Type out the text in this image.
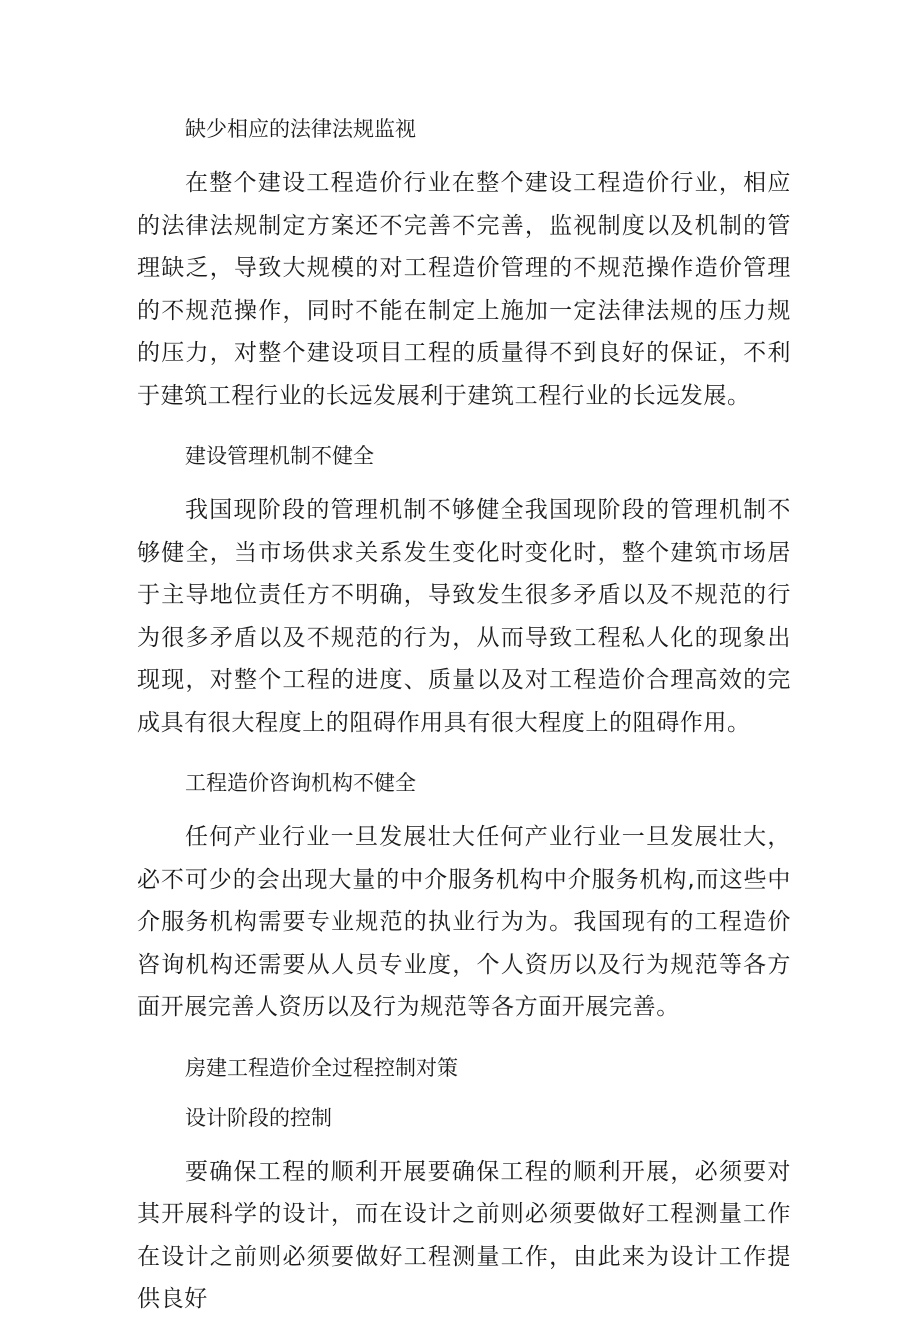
缺少相应的法律法规监视
在整个建设工程造价行业在整个建设工程造价行业，相应的法律法规制定方案还不完善不完善，监视制度以及机制的管理缺乏，导致大规模的对工程造价管理的不规范操作造价管理的不规范操作，同时不能在制定上施加一定法律法规的压力规的压力，对整个建设项目工程的质量得不到良好的保证，不利于建筑工程行业的长远发展利于建筑工程行业的长远发展。
建设管理机制不健全
我国现阶段的管理机制不够健全我国现阶段的管理机制不够健全，当市场供求关系发生变化时变化时，整个建筑市场居于主导地位责任方不明确，导致发生很多矛盾以及不规范的行为很多矛盾以及不规范的行为，从而导致工程私人化的现象出现现，对整个工程的进度、质量以及对工程造价合理高效的完成具有很大程度上的阻碍作用具有很大程度上的阻碍作用。
工程造价咨询机构不健全
任何产业行业一旦发展壮大任何产业行业一旦发展壮大，必不可少的会出现大量的中介服务机构中介服务机构,而这些中介服务机构需要专业规范的执业行为为。我国现有的工程造价咨询机构还需要从人员专业度，个人资历以及行为规范等各方面开展完善人资历以及行为规范等各方面开展完善。
房建工程造价全过程控制对策
设计阶段的控制
要确保工程的顺利开展要确保工程的顺利开展，必须要对其开展科学的设计，而在设计之前则必须要做好工程测量工作在设计之前则必须要做好工程测量工作，由此来为设计工作提供良好
